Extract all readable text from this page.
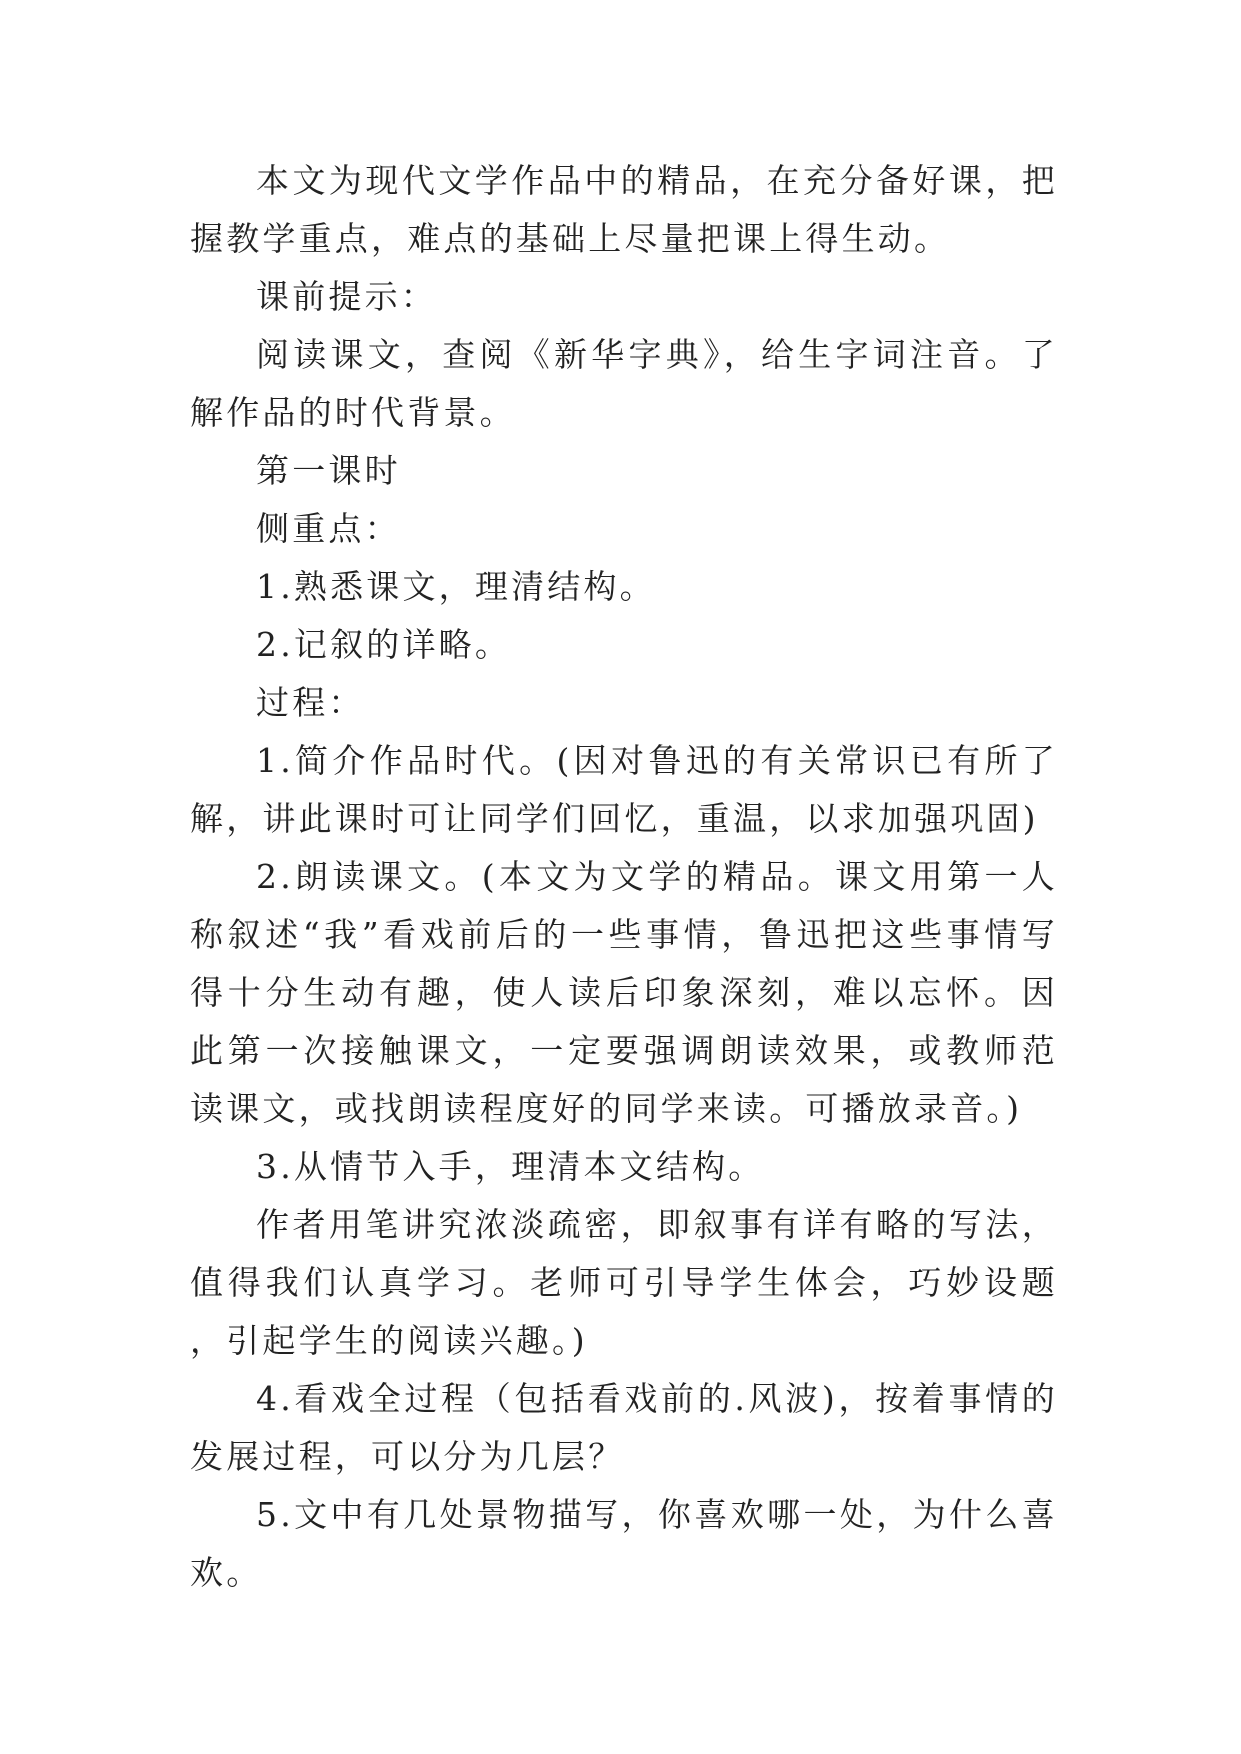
本文为现代文学作品中的精品，在充分备好课，把握教学重点，难点的基础上尽量把课上得生动。

课前提示：

阅读课文，查阅《新华字典》，给生字词注音。了解作品的时代背景。

第一课时

侧重点：

1.熟悉课文，理清结构。

2.记叙的详略。

过程：

1.简介作品时代。(因对鲁迅的有关常识已有所了解，讲此课时可让同学们回忆，重温，以求加强巩固)

2.朗读课文。(本文为文学的精品。课文用第一人称叙述“我”看戏前后的一些事情，鲁迅把这些事情写得十分生动有趣，使人读后印象深刻，难以忘怀。因此第一次接触课文，一定要强调朗读效果，或教师范读课文，或找朗读程度好的同学来读。可播放录音。)

3.从情节入手，理清本文结构。

作者用笔讲究浓淡疏密，即叙事有详有略的写法，值得我们认真学习。老师可引导学生体会，巧妙设题，引起学生的阅读兴趣。)

4.看戏全过程（包括看戏前的.风波)，按着事情的发展过程，可以分为几层？

5.文中有几处景物描写，你喜欢哪一处，为什么喜欢。
